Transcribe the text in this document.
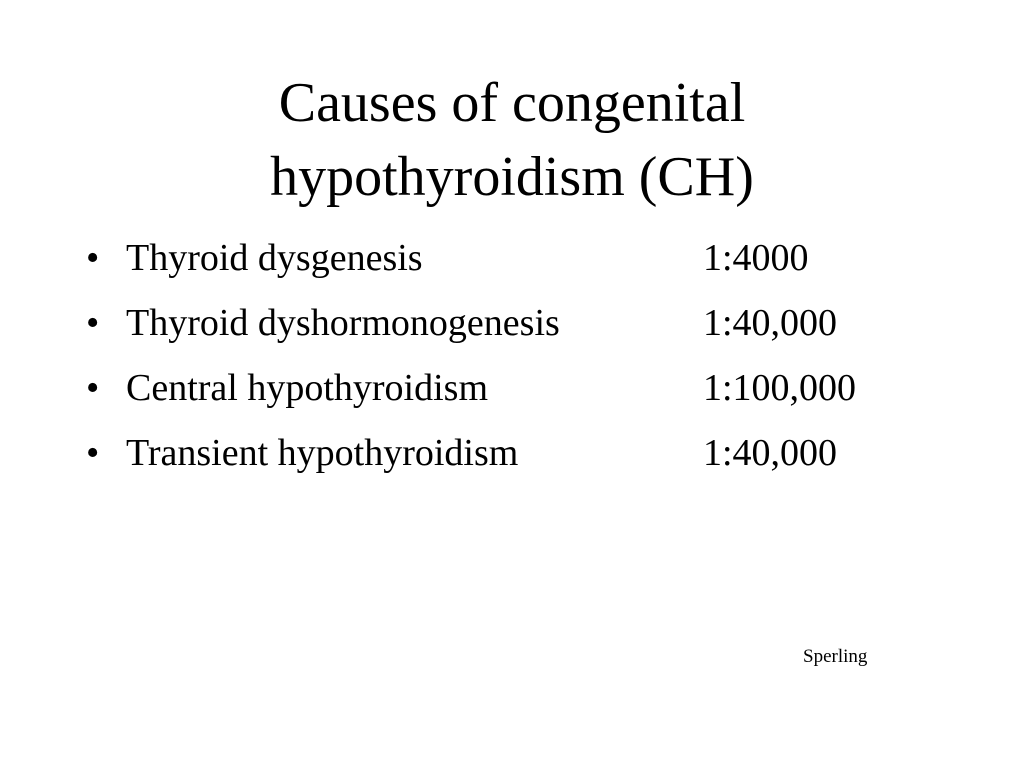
Causes of congenital
hypothyroidism (CH)
• Thyroid dysgenesis	1:4000
• Thyroid dyshormonogenesis	1:40,000
• Central hypothyroidism	1:100,000
• Transient hypothyroidism	1:40,000
Sperling
